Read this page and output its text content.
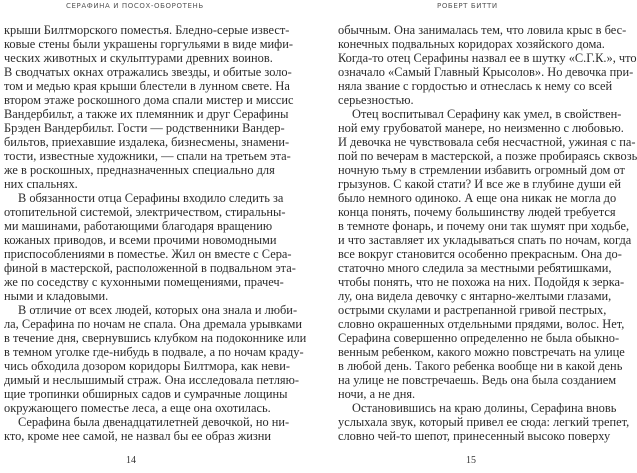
СЕРАФИНА И ПОСОХ-ОБОРОТЕНЬ
крыши Билтморского поместья. Бледно-серые извест-
ковые стены были украшены горгульями в виде мифи-
ческих животных и скульптурами древних воинов.
В сводчатых окнах отражались звезды, и обитые золо-
том и медью края крыши блестели в лунном свете. На
втором этаже роскошного дома спали мистер и миссис
Вандербильт, а также их племянник и друг Серафины
Брэден Вандербильт. Гости — родственники Вандер-
бильтов, приехавшие издалека, бизнесмены, знамени-
тости, известные художники, — спали на третьем эта-
же в роскошных, предназначенных специально для
них спальнях.
В обязанности отца Серафины входило следить за
отопительной системой, электричеством, стиральны-
ми машинами, работающими благодаря вращению
кожаных приводов, и всеми прочими новомодными
приспособлениями в поместье. Жил он вместе с Сера-
финой в мастерской, расположенной в подвальном эта-
же по соседству с кухонными помещениями, прачеч-
ными и кладовыми.
В отличие от всех людей, которых она знала и люби-
ла, Серафина по ночам не спала. Она дремала урывками
в течение дня, свернувшись клубком на подоконнике или
в темном уголке где-нибудь в подвале, а по ночам краду-
чись обходила дозором коридоры Билтмора, как неви-
димый и неслышимый страж. Она исследовала петляю-
щие тропинки обширных садов и сумрачные лощины
окружающего поместье леса, а еще она охотилась.
Серафина была двенадцатилетней девочкой, но ни-
кто, кроме нее самой, не назвал бы ее образ жизни
14
РОБЕРТ БИТТИ
обычным. Она занималась тем, что ловила крыс в бес-
конечных подвальных коридорах хозяйского дома.
Когда-то отец Серафины назвал ее в шутку «С.Г.К.», что
означало «Самый Главный Крысолов». Но девочка при-
няла звание с гордостью и отнеслась к нему со всей
серьезностью.
Отец воспитывал Серафину как умел, в свойствен-
ной ему грубоватой манере, но неизменно с любовью.
И девочка не чувствовала себя несчастной, ужиная с па-
пой по вечерам в мастерской, а позже пробираясь сквозь
ночную тьму в стремлении избавить огромный дом от
грызунов. С какой стати? И все же в глубине души ей
было немного одиноко. А еще она никак не могла до
конца понять, почему большинству людей требуется
в темноте фонарь, и почему они так шумят при ходьбе,
и что заставляет их укладываться спать по ночам, когда
все вокруг становится особенно прекрасным. Она до-
статочно много следила за местными ребятишками,
чтобы понять, что не похожа на них. Подойдя к зерка-
лу, она видела девочку с янтарно-желтыми глазами,
острыми скулами и растрепанной гривой пестрых,
словно окрашенных отдельными прядями, волос. Нет,
Серафина совершенно определенно не была обыкно-
венным ребенком, какого можно повстречать на улице
в любой день. Такого ребенка вообще ни в какой день
на улице не повстречаешь. Ведь она была созданием
ночи, а не дня.
Остановившись на краю долины, Серафина вновь
услыхала звук, который привел ее сюда: легкий трепет,
словно чей-то шепот, принесенный высоко поверху
15
